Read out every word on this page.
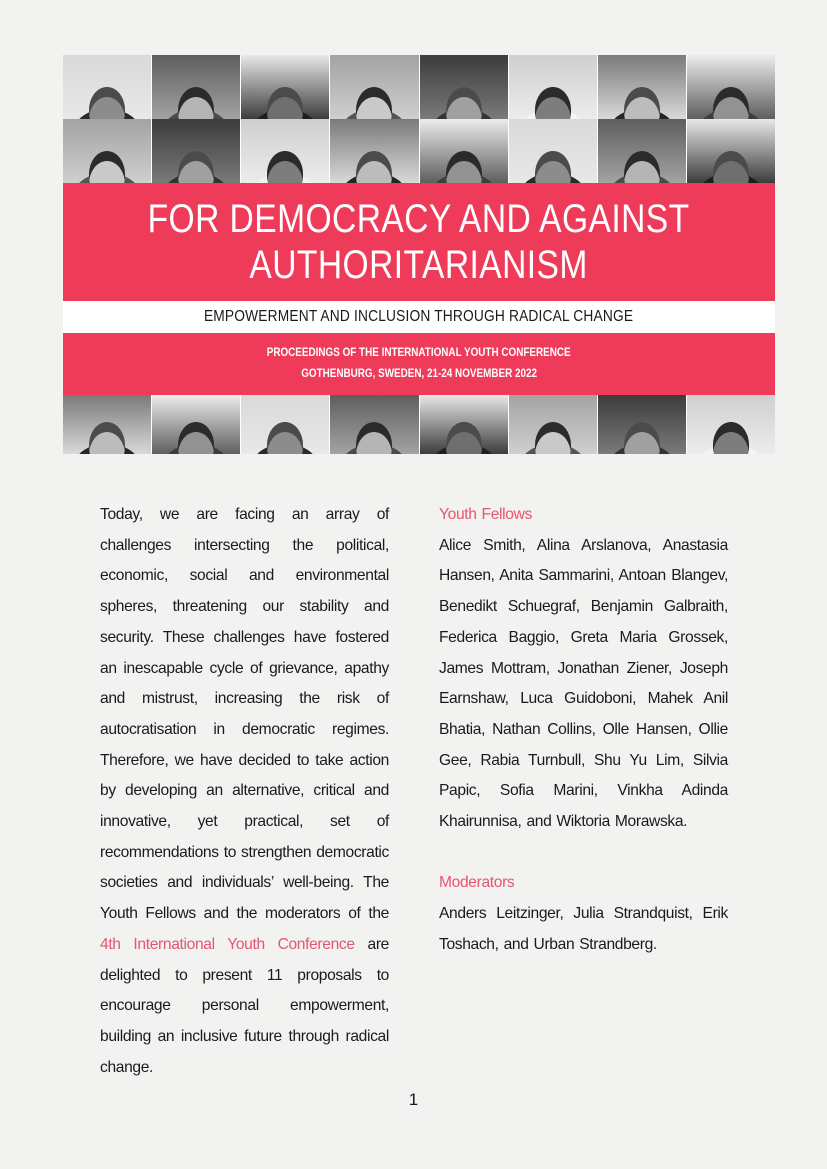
FOR DEMOCRACY AND AGAINST
AUTHORITARIANISM
EMPOWERMENT AND INCLUSION THROUGH RADICAL CHANGE
PROCEEDINGS OF THE INTERNATIONAL YOUTH CONFERENCE
GOTHENBURG, SWEDEN, 21-24 NOVEMBER 2022

Today, we are facing an array of challenges intersecting the political, economic, social and environmental spheres, threatening our stability and security. These challenges have fostered an inescapable cycle of grievance, apathy and mistrust, increasing the risk of autocratisation in democratic regimes. Therefore, we have decided to take action by developing an alternative, critical and innovative, yet practical, set of recommendations to strengthen democratic societies and individuals’ well-being. The Youth Fellows and the moderators of the 4th International Youth Conference are delighted to present 11 proposals to encourage personal empowerment, building an inclusive future through radical change.

Youth Fellows

Alice Smith, Alina Arslanova, Anastasia Hansen, Anita Sammarini, Antoan Blangev, Benedikt Schuegraf, Benjamin Galbraith, Federica Baggio, Greta Maria Grossek, James Mottram, Jonathan Ziener, Joseph Earnshaw, Luca Guidoboni, Mahek Anil Bhatia, Nathan Collins, Olle Hansen, Ollie Gee, Rabia Turnbull, Shu Yu Lim, Silvia Papic, Sofia Marini, Vinkha Adinda Khairunnisa, and Wiktoria Morawska.

Moderators

Anders Leitzinger, Julia Strandquist, Erik Toshach, and Urban Strandberg.

1
